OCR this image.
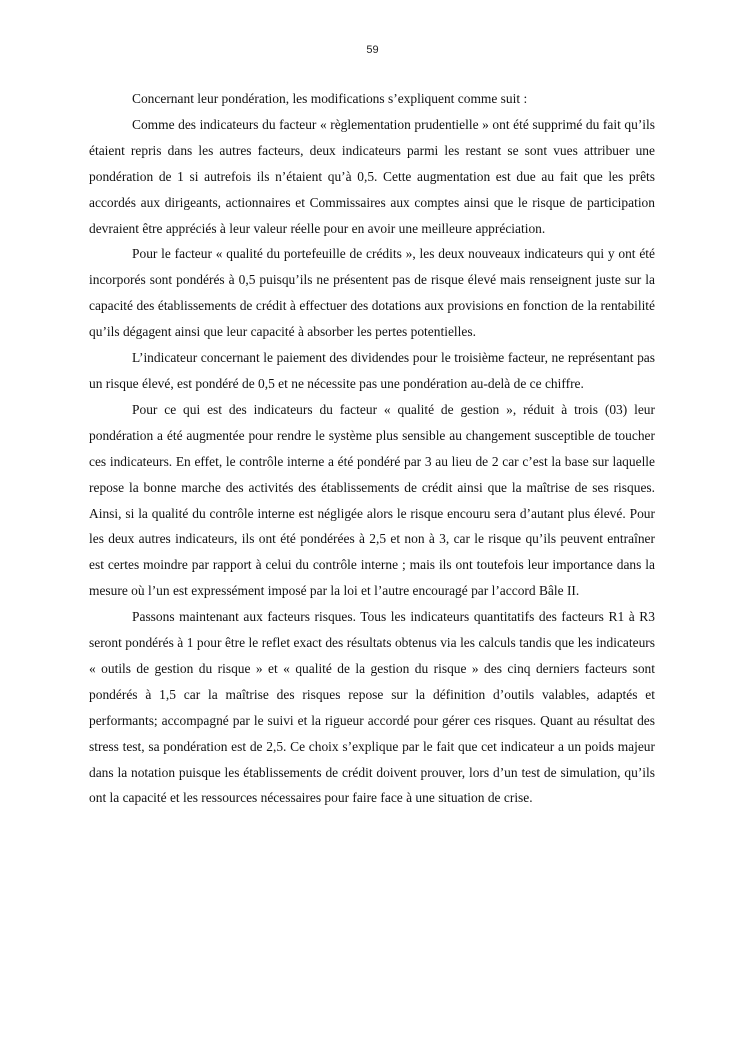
59

Concernant leur pondération, les modifications s’expliquent comme suit :

Comme des indicateurs du facteur « règlementation prudentielle » ont été supprimé du fait qu’ils étaient repris dans les autres facteurs, deux indicateurs parmi les restant se sont vues attribuer une pondération de 1 si autrefois ils n’étaient qu’à 0,5. Cette augmentation est due au fait que les prêts accordés aux dirigeants, actionnaires et Commissaires aux comptes ainsi que le risque de participation devraient être appréciés à leur valeur réelle pour en avoir une meilleure appréciation.

Pour le facteur « qualité du portefeuille de crédits », les deux nouveaux indicateurs qui y ont été incorporés sont pondérés à 0,5 puisqu’ils ne présentent pas de risque élevé mais renseignent juste sur la capacité des établissements de crédit à effectuer des dotations aux provisions en fonction de la rentabilité qu’ils dégagent ainsi que leur capacité à absorber les pertes potentielles.

L’indicateur concernant le paiement des dividendes pour le troisième facteur, ne représentant pas un risque élevé, est pondéré de 0,5 et ne nécessite pas une pondération au-delà de ce chiffre.

Pour ce qui est des indicateurs du facteur « qualité de gestion », réduit à trois (03) leur pondération a été augmentée pour rendre le système plus sensible au changement susceptible de toucher ces indicateurs. En effet, le contrôle interne a été pondéré par 3 au lieu de 2 car c’est la base sur laquelle repose la bonne marche des activités des établissements de crédit ainsi que la maîtrise de ses risques. Ainsi, si la qualité du contrôle interne est négligée alors le risque encouru sera d’autant plus élevé. Pour les deux autres indicateurs, ils ont été pondérées à 2,5 et non à 3, car le risque qu’ils peuvent entraîner est certes moindre par rapport à celui du contrôle interne ; mais ils ont toutefois leur importance dans la mesure où l’un est expressément imposé par la loi et l’autre encouragé par l’accord Bâle II.

Passons maintenant aux facteurs risques. Tous les indicateurs quantitatifs des facteurs R1 à R3 seront pondérés à 1 pour être le reflet exact des résultats obtenus via les calculs tandis que les indicateurs « outils de gestion du risque » et « qualité de la gestion du risque » des cinq derniers facteurs sont pondérés à 1,5 car la maîtrise des risques repose sur la définition d’outils valables, adaptés et performants; accompagné par le suivi et la rigueur accordé pour gérer ces risques. Quant au résultat des stress test, sa pondération est de 2,5. Ce choix s’explique par le fait que cet indicateur a un poids majeur dans la notation puisque les établissements de crédit doivent prouver, lors d’un test de simulation, qu’ils ont la capacité et les ressources nécessaires pour faire face à une situation de crise.
